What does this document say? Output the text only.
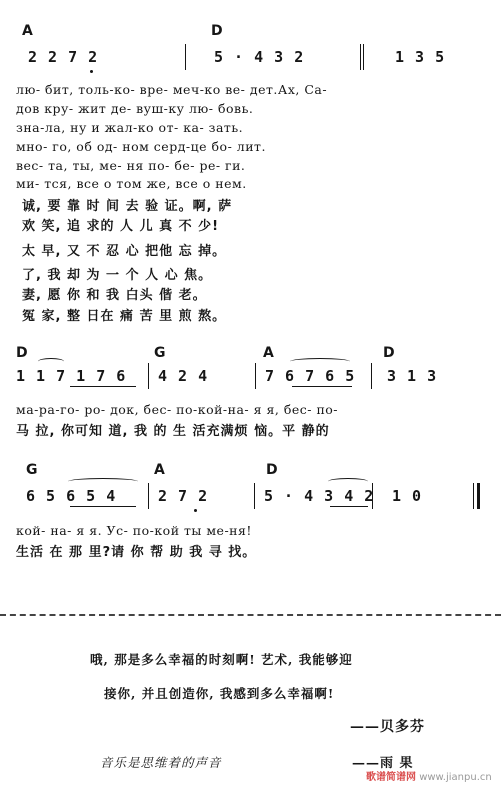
A	D
2 2 7 2	5 · 4 3 2	1 3 5
лю- бит, толь-ко- вре- меч-ко ве- дет.Ах, Са-
дов кру- жит де- вуш-ку лю- бовь.
зна-ла, ну и жал-ко от- ка- зать.
мно- го, об од- ном серд-це бо- лит.
вес- та, ты, ме- ня по- бе- ре- ги.
ми- тся, все о том же, все о нем.
诚, 要 靠 时 间 去 验 证。啊, 萨
欢 笑, 追 求的 人 儿 真 不 少!
太 早, 又 不 忍 心 把他 忘 掉。
了, 我 却 为 一 个 人 心 焦。
妻, 愿 你 和 我 白头 偕 老。
冤 家, 整 日在 痛 苦 里 煎 熬。
D	G	A	D
1 1 7 1 7 6 4 2 4	7 6 7 6 5 3 1 3
ма-ра-го- ро- док, бес- по-кой-на- я я, бес- по-
马 拉, 你可知 道, 我 的 生 活充满烦 恼。平 静的
G	A	D
6 5 6 5 4	2 7 2	5 · 4 3 4 2 1 0
кой- на- я я. Ус- по-кой ты ме-ня!
生活 在 那 里?请 你 帮 助 我 寻 找。
哦, 那是多么幸福的时刻啊! 艺术, 我能够迎
接你, 并且创造你, 我感到多么幸福啊!
——贝多芬
音乐是思维着的声音	——雨 果
歌谱简谱网 www.jianpu.cn
